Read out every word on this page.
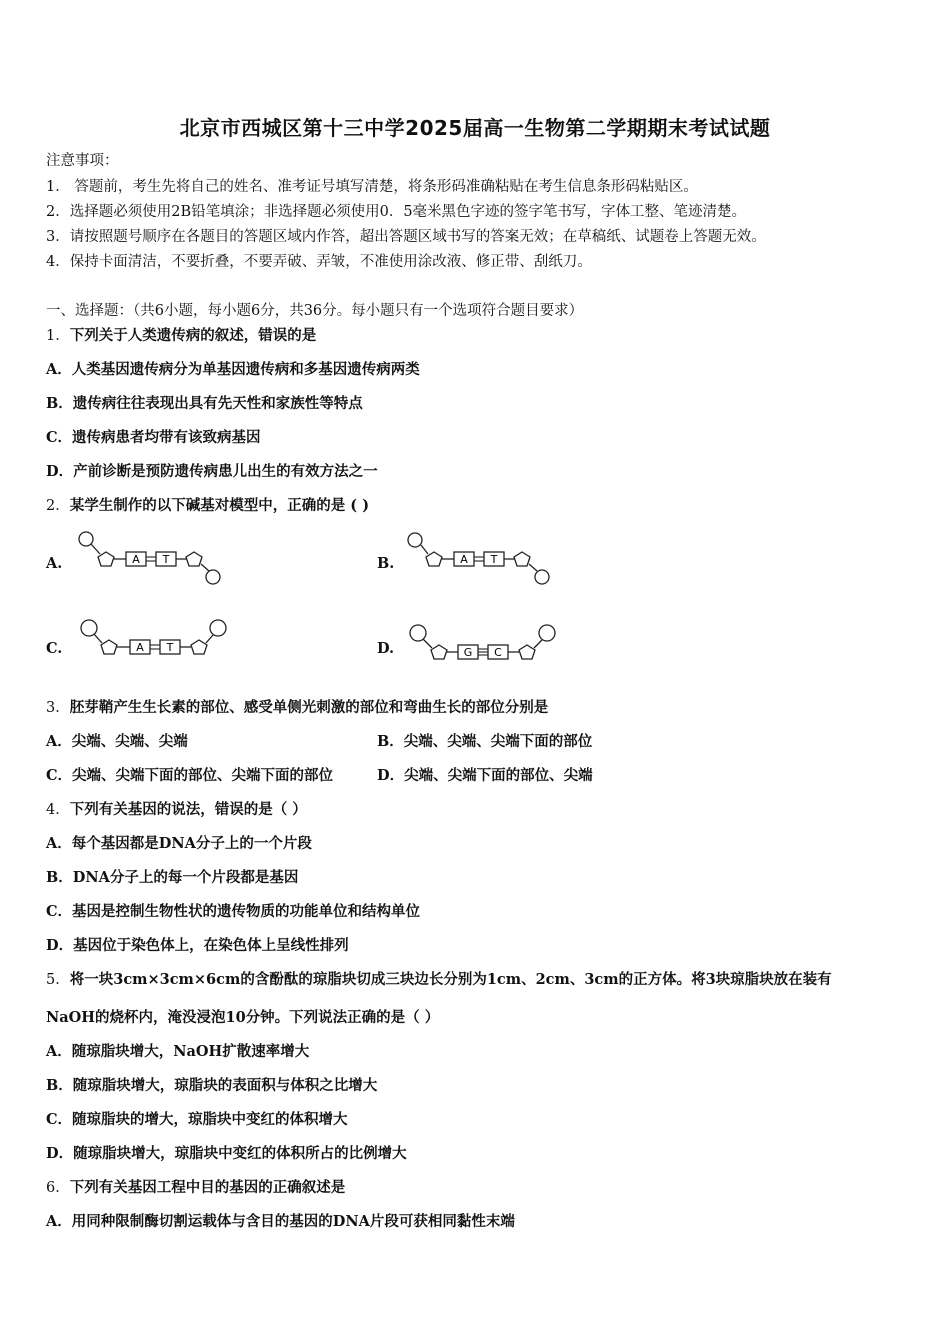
北京市西城区第十三中学2025届高一生物第二学期期末考试试题
注意事项：
1． 答题前，考生先将自己的姓名、准考证号填写清楚，将条形码准确粘贴在考生信息条形码粘贴区。
2．选择题必须使用2B铅笔填涂；非选择题必须使用0．5毫米黑色字迹的签字笔书写，字体工整、笔迹清楚。
3．请按照题号顺序在各题目的答题区域内作答，超出答题区域书写的答案无效；在草稿纸、试题卷上答题无效。
4．保持卡面清洁，不要折叠，不要弄破、弄皱，不准使用涂改液、修正带、刮纸刀。
一、选择题：（共6小题，每小题6分，共36分。每小题只有一个选项符合题目要求）
1．下列关于人类遗传病的叙述，错误的是
A．人类基因遗传病分为单基因遗传病和多基因遗传病两类
B．遗传病往往表现出具有先天性和家族性等特点
C．遗传病患者均带有该致病基因
D．产前诊断是预防遗传病患儿出生的有效方法之一
2．某学生制作的以下碱基对模型中，正确的是 ( )
A.	A T	B.	A T
C.	A T	D.	G C
3．胚芽鞘产生生长素的部位、感受单侧光刺激的部位和弯曲生长的部位分别是
A．尖端、尖端、尖端	B．尖端、尖端、尖端下面的部位
C．尖端、尖端下面的部位、尖端下面的部位	D．尖端、尖端下面的部位、尖端
4．下列有关基因的说法，错误的是（ ）
A．每个基因都是DNA分子上的一个片段
B．DNA分子上的每一个片段都是基因
C．基因是控制生物性状的遗传物质的功能单位和结构单位
D．基因位于染色体上，在染色体上呈线性排列
5．将一块3cm×3cm×6cm的含酚酞的琼脂块切成三块边长分别为1cm、2cm、3cm的正方体。将3块琼脂块放在装有
NaOH的烧杯内，淹没浸泡10分钟。下列说法正确的是（ ）
A．随琼脂块增大，NaOH扩散速率增大
B．随琼脂块增大，琼脂块的表面积与体积之比增大
C．随琼脂块的增大，琼脂块中变红的体积增大
D．随琼脂块增大，琼脂块中变红的体积所占的比例增大
6．下列有关基因工程中目的基因的正确叙述是
A．用同种限制酶切割运载体与含目的基因的DNA片段可获相同黏性末端
